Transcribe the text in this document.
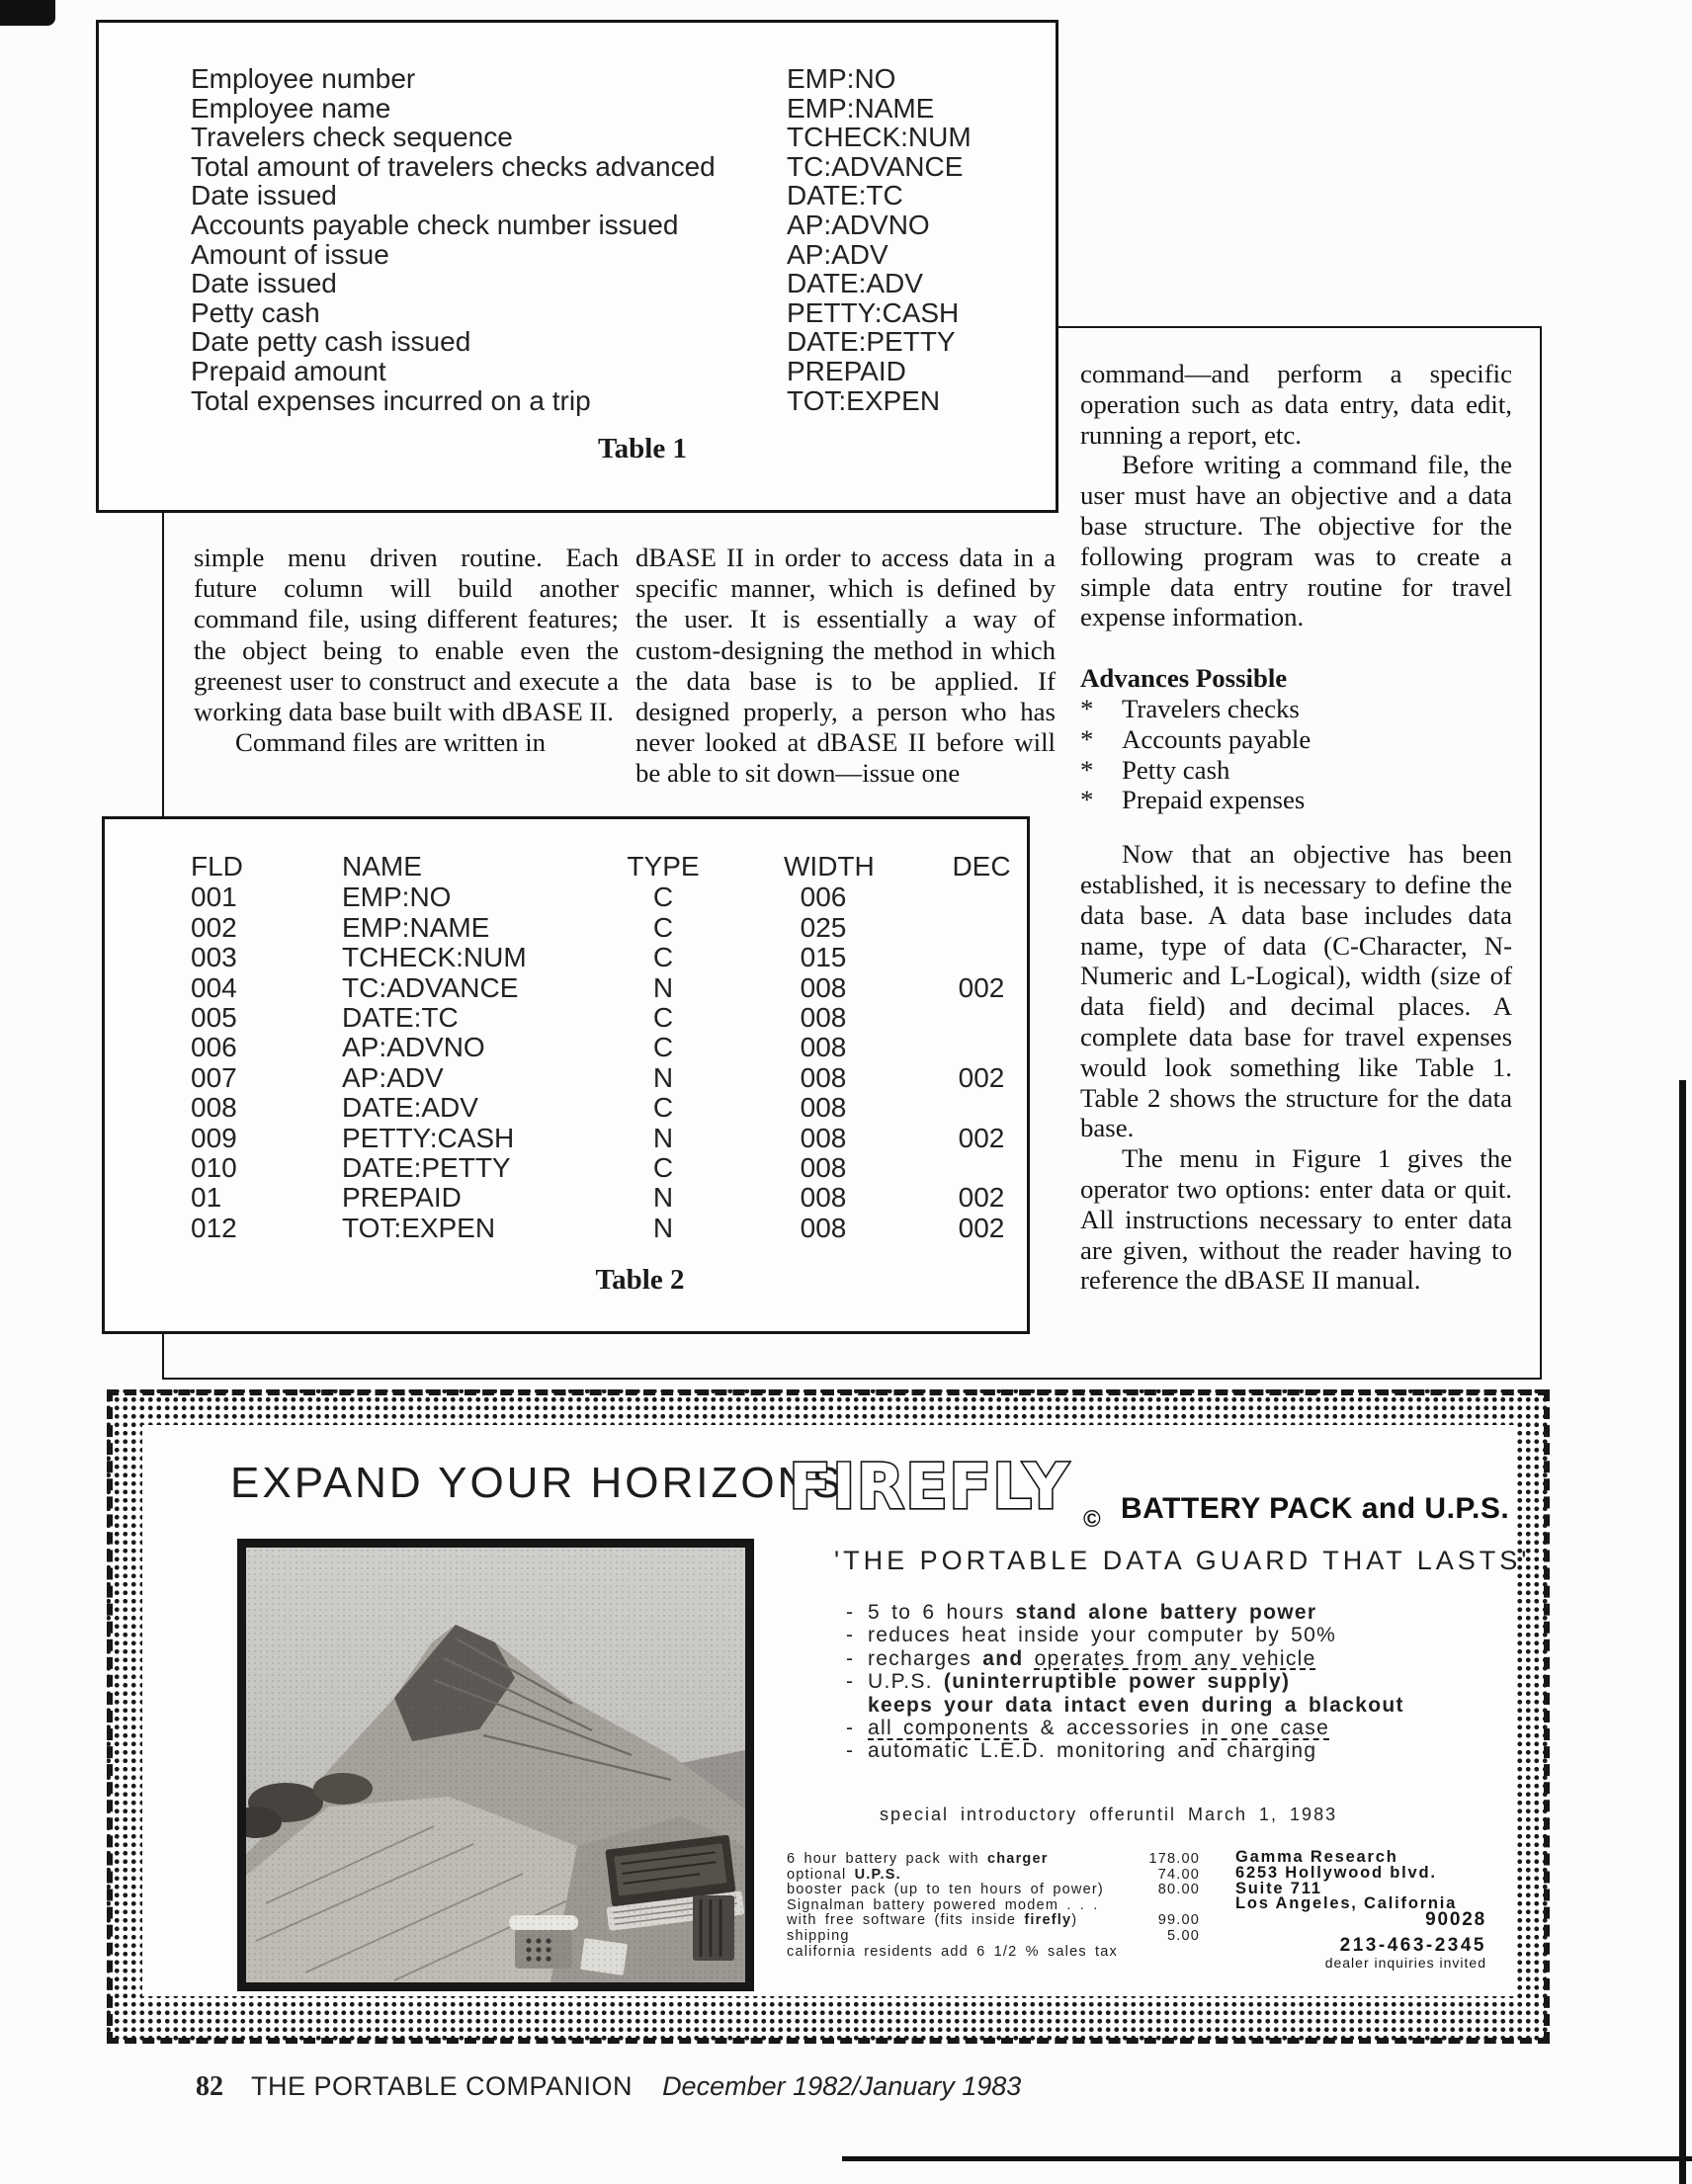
Employee number	EMP:NO
Employee name	EMP:NAME
Travelers check sequence	TCHECK:NUM
Total amount of travelers checks advanced	TC:ADVANCE
Date issued	DATE:TC
Accounts payable check number issued	AP:ADVNO
Amount of issue	AP:ADV
Date issued	DATE:ADV
Petty cash	PETTY:CASH
Date petty cash issued	DATE:PETTY
Prepaid amount	PREPAID
Total expenses incurred on a trip	TOT:EXPEN
Table 1

simple menu driven routine. Each future column will build another command file, using different features; the object being to enable even the greenest user to construct and execute a working data base built with dBASE II.

Command files are written in

dBASE II in order to access data in a specific manner, which is defined by the user. It is essentially a way of custom-designing the method in which the data base is to be applied. If designed properly, a person who has never looked at dBASE II before will be able to sit down—issue one

command—and perform a specific operation such as data entry, data edit, running a report, etc.

Before writing a command file, the user must have an objective and a data base structure. The objective for the following program was to create a simple data entry routine for travel expense information.

Advances Possible

*	Travelers checks
*	Accounts payable
*	Petty cash
*	Prepaid expenses

Now that an objective has been established, it is necessary to define the data base. A data base includes data name, type of data (C-Character, N-Numeric and L-Logical), width (size of data field) and decimal places. A complete data base for travel expenses would look something like Table 1. Table 2 shows the structure for the data base.

The menu in Figure 1 gives the operator two options: enter data or quit. All instructions necessary to enter data are given, without the reader having to reference the dBASE II manual.

FLD	NAME	TYPE	WIDTH	DEC
001	EMP:NO	C	006
002	EMP:NAME	C	025
003	TCHECK:NUM	C	015
004	TC:ADVANCE	N	008	002
005	DATE:TC	C	008
006	AP:ADVNO	C	008
007	AP:ADV	N	008	002
008	DATE:ADV	C	008
009	PETTY:CASH	N	008	002
010	DATE:PETTY	C	008
01	PREPAID	N	008	002
012	TOT:EXPEN	N	008	002
Table 2
EXPAND YOUR HORIZONS
FIREFLY © BATTERY PACK and U.P.S.
'THE PORTABLE DATA GUARD THAT LASTS'
- 5 to 6 hours stand alone battery power
- reduces heat inside your computer by 50%
- recharges and operates from any vehicle
- U.P.S. (uninterruptible power supply)
keeps your data intact even during a blackout
- all components & accessories in one case
- automatic L.E.D. monitoring and charging
special introductory offer until March 1, 1983
6 hour battery pack with charger	178.00
optional U.P.S.	74.00
booster pack (up to ten hours of power)	80.00
Signalman battery powered modem . . .
with free software (fits inside firefly)	99.00
shipping	5.00
california residents add 6 1/2 % sales tax
Gamma Research
6253 Hollywood blvd.
Suite 711
Los Angeles, California
90028
213-463-2345
dealer inquiries invited
82 THE PORTABLE COMPANION December 1982/January 1983
